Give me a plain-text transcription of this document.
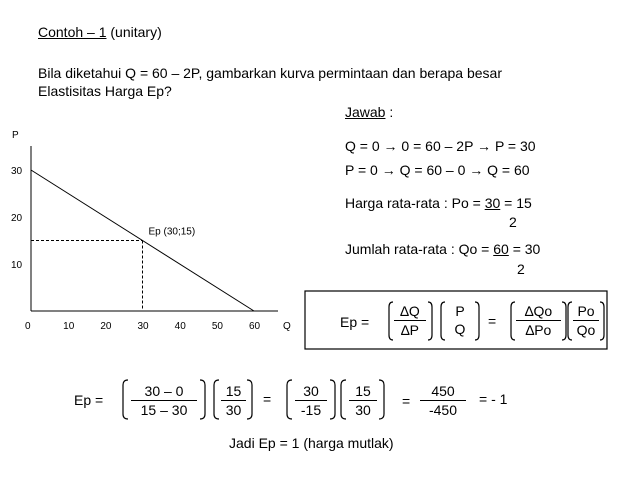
Contoh – 1 (unitary)
Bila diketahui Q = 60 – 2P, gambarkan kurva permintaan dan berapa besar
Elastisitas Harga Ep?
Jawab :
Q = 0 → 0 = 60 – 2P → P = 30
P = 0 → Q = 60 – 0 → Q = 60
Harga rata-rata : Po = 30 = 15
2
Jumlah rata-rata : Qo = 60 = 30
2
0	10	20	30	40	50	60
10
20
30
Q
P
Ep (30;15)
$Ep = \frac{\Delta Q}{\Delta P}$	P
Q	= $\frac{\Delta Qo}{\Delta Po} \frac{Po}{Qo}$
$Ep = \frac{30 - 0}{15 - 30} \frac{15}{30} = \frac{30}{-15} \frac{15}{30} = \frac{450}{-450}$ = - 1
Jadi Ep = 1 (harga mutlak)
